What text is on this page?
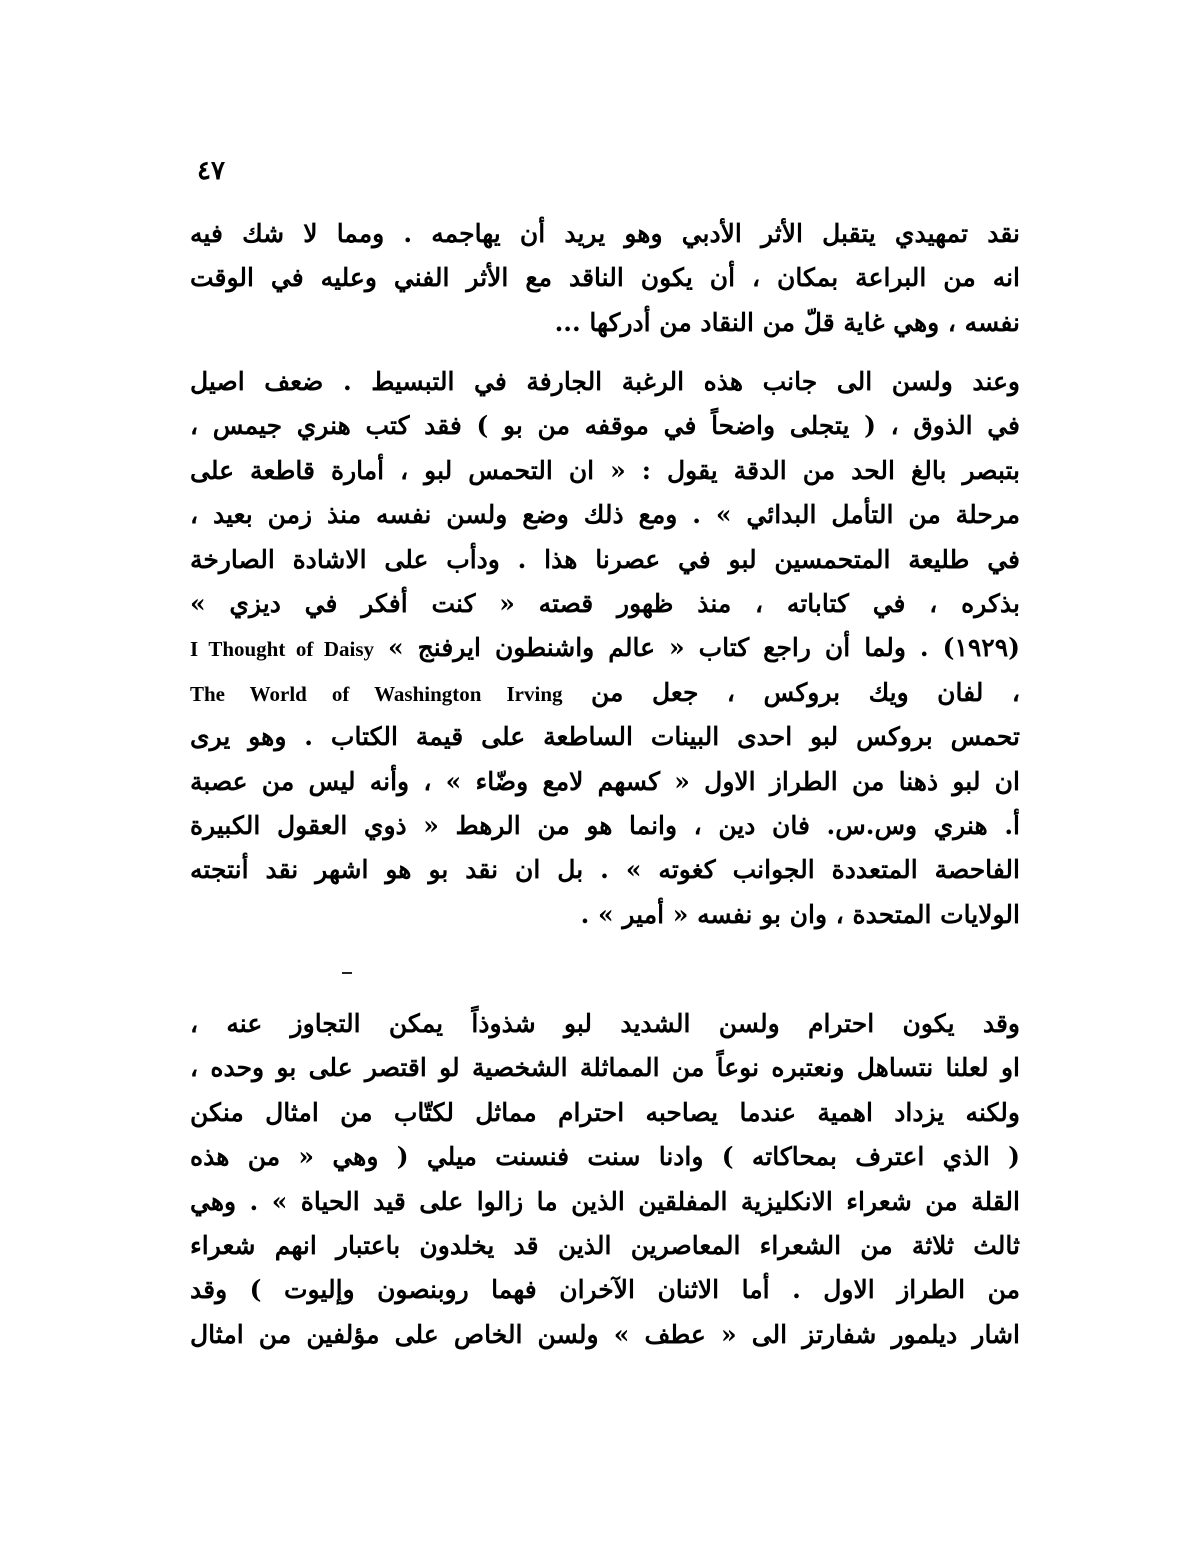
٤٧
نقد تمهيدي يتقبل الأثر الأدبي وهو يريد أن يهاجمه . ومما لا شك فيه
انه من البراعة بمكان ، أن يكون الناقد مع الأثر الفني وعليه في الوقت
نفسه ، وهي غاية قلّ من النقاد من أدركها ...
وعند ولسن الى جانب هذه الرغبة الجارفة في التبسيط . ضعف اصيل
في الذوق ، ( يتجلى واضحاً في موقفه من بو ) فقد كتب هنري جيمس ،
بتبصر بالغ الحد من الدقة يقول : « ان التحمس لبو ، أمارة قاطعة على
مرحلة من التأمل البدائي » . ومع ذلك وضع ولسن نفسه منذ زمن بعيد ،
في طليعة المتحمسين لبو في عصرنا هذا . ودأب على الاشادة الصارخة
بذكره ، في كتاباته ، منذ ظهور قصته « كنت أفكر في ديزي »
(١٩٢٩) . ولما أن راجع كتاب « عالم واشنطون ايرفنج » I Thought of Daisy
، لفان ويك بروكس ، جعل من The World of Washington Irving
تحمس بروكس لبو احدى البينات الساطعة على قيمة الكتاب . وهو يرى
ان لبو ذهنا من الطراز الاول « كسهم لامع وضّاء » ، وأنه ليس من عصبة
أ. هنري وس.س. فان دين ، وانما هو من الرهط « ذوي العقول الكبيرة
الفاحصة المتعددة الجوانب كغوته » . بل ان نقد بو هو اشهر نقد أنتجته
الولايات المتحدة ، وان بو نفسه « أمير » .
وقد يكون احترام ولسن الشديد لبو شذوذاً يمكن التجاوز عنه ،
او لعلنا نتساهل ونعتبره نوعاً من المماثلة الشخصية لو اقتصر على بو وحده ،
ولكنه يزداد اهمية عندما يصاحبه احترام مماثل لكتّاب من امثال منكن
( الذي اعترف بمحاكاته ) وادنا سنت فنسنت ميلي ( وهي « من هذه
القلة من شعراء الانكليزية المفلقين الذين ما زالوا على قيد الحياة » . وهي
ثالث ثلاثة من الشعراء المعاصرين الذين قد يخلدون باعتبار انهم شعراء
من الطراز الاول . أما الاثنان الآخران فهما روبنصون وإليوت ) وقد
اشار ديلمور شفارتز الى « عطف » ولسن الخاص على مؤلفين من امثال
